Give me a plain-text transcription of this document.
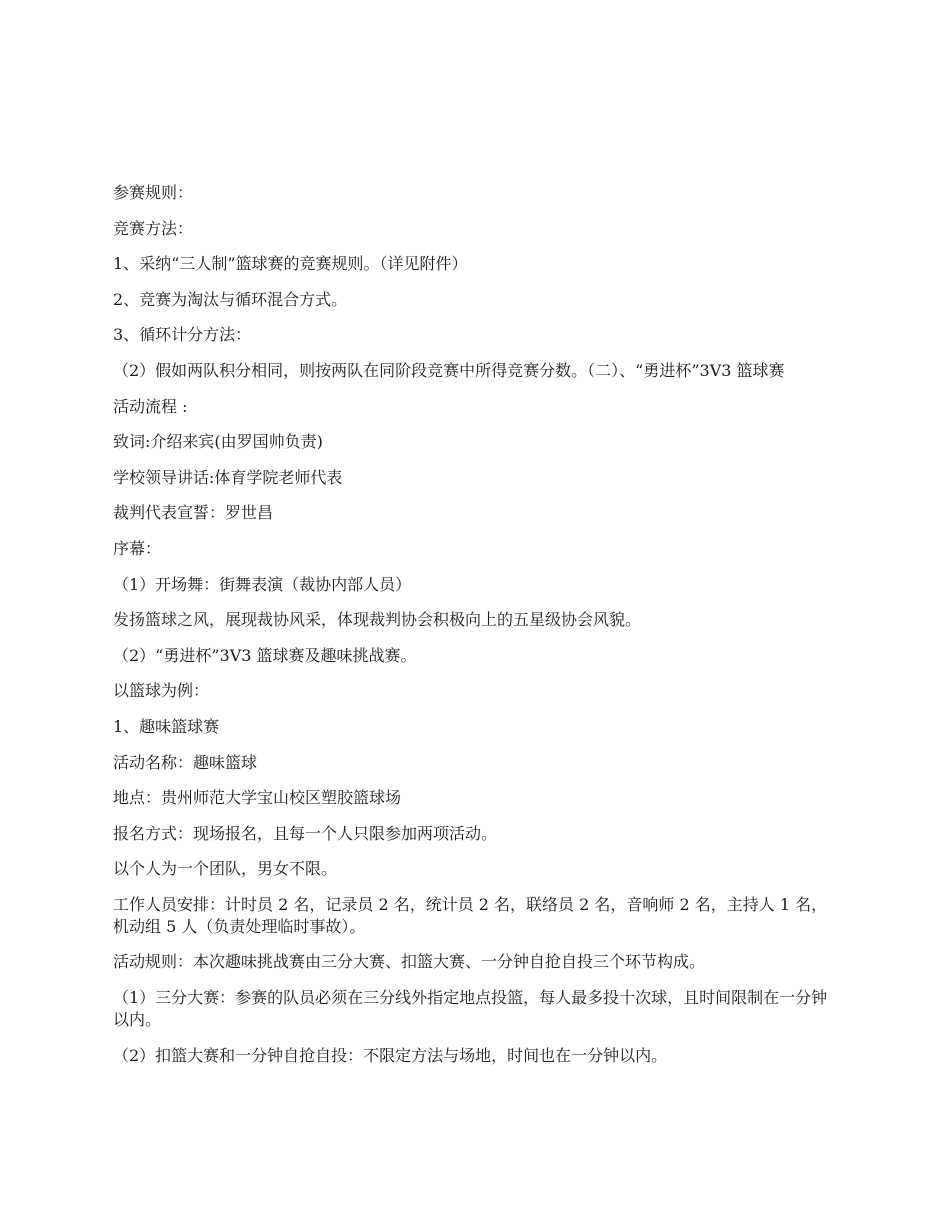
参赛规则：

竞赛方法：

1、采纳“三人制”篮球赛的竞赛规则。（详见附件）

2、竞赛为淘汰与循环混合方式。

3、循环计分方法：

（2）假如两队积分相同，则按两队在同阶段竞赛中所得竞赛分数。（二）、“勇进杯”3V3 篮球赛

活动流程 :

致词:介绍来宾(由罗国帅负责)

学校领导讲话:体育学院老师代表

裁判代表宣誓：罗世昌

序幕：

（1）开场舞：街舞表演（裁协内部人员）

发扬篮球之风，展现裁协风采，体现裁判协会积极向上的五星级协会风貌。

（2）“勇进杯”3V3 篮球赛及趣味挑战赛。

以篮球为例：

1、趣味篮球赛

活动名称：趣味篮球

地点：贵州师范大学宝山校区塑胶篮球场

报名方式：现场报名，且每一个人只限参加两项活动。

以个人为一个团队，男女不限。

工作人员安排：计时员 2 名，记录员 2 名，统计员 2 名，联络员 2 名，音响师 2 名，主持人 1 名，机动组 5 人（负责处理临时事故）。

活动规则：本次趣味挑战赛由三分大赛、扣篮大赛、一分钟自抢自投三个环节构成。

（1）三分大赛：参赛的队员必须在三分线外指定地点投篮，每人最多投十次球，且时间限制在一分钟以内。

（2）扣篮大赛和一分钟自抢自投：不限定方法与场地，时间也在一分钟以内。
